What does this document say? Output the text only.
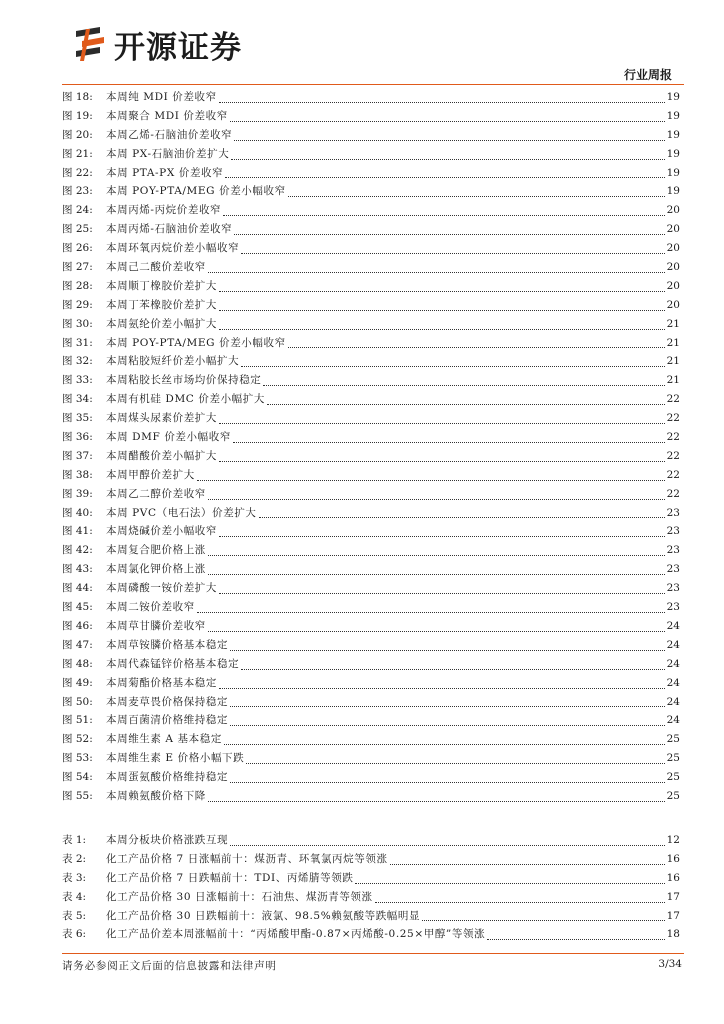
开源证券
行业周报
图 18:	本周纯 MDI 价差收窄	19
图 19:	本周聚合 MDI 价差收窄	19
图 20:	本周乙烯-石脑油价差收窄	19
图 21:	本周 PX-石脑油价差扩大	19
图 22:	本周 PTA-PX 价差收窄	19
图 23:	本周 POY-PTA/MEG 价差小幅收窄	19
图 24:	本周丙烯-丙烷价差收窄	20
图 25:	本周丙烯-石脑油价差收窄	20
图 26:	本周环氧丙烷价差小幅收窄	20
图 27:	本周己二酸价差收窄	20
图 28:	本周顺丁橡胶价差扩大	20
图 29:	本周丁苯橡胶价差扩大	20
图 30:	本周氨纶价差小幅扩大	21
图 31:	本周 POY-PTA/MEG 价差小幅收窄	21
图 32:	本周粘胶短纤价差小幅扩大	21
图 33:	本周粘胶长丝市场均价保持稳定	21
图 34:	本周有机硅 DMC 价差小幅扩大	22
图 35:	本周煤头尿素价差扩大	22
图 36:	本周 DMF 价差小幅收窄	22
图 37:	本周醋酸价差小幅扩大	22
图 38:	本周甲醇价差扩大	22
图 39:	本周乙二醇价差收窄	22
图 40:	本周 PVC（电石法）价差扩大	23
图 41:	本周烧碱价差小幅收窄	23
图 42:	本周复合肥价格上涨	23
图 43:	本周氯化钾价格上涨	23
图 44:	本周磷酸一铵价差扩大	23
图 45:	本周二铵价差收窄	23
图 46:	本周草甘膦价差收窄	24
图 47:	本周草铵膦价格基本稳定	24
图 48:	本周代森锰锌价格基本稳定	24
图 49:	本周菊酯价格基本稳定	24
图 50:	本周麦草畏价格保持稳定	24
图 51:	本周百菌清价格维持稳定	24
图 52:	本周维生素 A 基本稳定	25
图 53:	本周维生素 E 价格小幅下跌	25
图 54:	本周蛋氨酸价格维持稳定	25
图 55:	本周赖氨酸价格下降	25
表 1:	本周分板块价格涨跌互现	12
表 2:	化工产品价格 7 日涨幅前十：煤沥青、环氧氯丙烷等领涨	16
表 3:	化工产品价格 7 日跌幅前十：TDI、丙烯腈等领跌	16
表 4:	化工产品价格 30 日涨幅前十：石油焦、煤沥青等领涨	17
表 5:	化工产品价格 30 日跌幅前十：液氯、98.5%赖氨酸等跌幅明显	17
表 6:	化工产品价差本周涨幅前十：“丙烯酸甲酯-0.87×丙烯酸-0.25×甲醇”等领涨	18
请务必参阅正文后面的信息披露和法律声明	3/34
